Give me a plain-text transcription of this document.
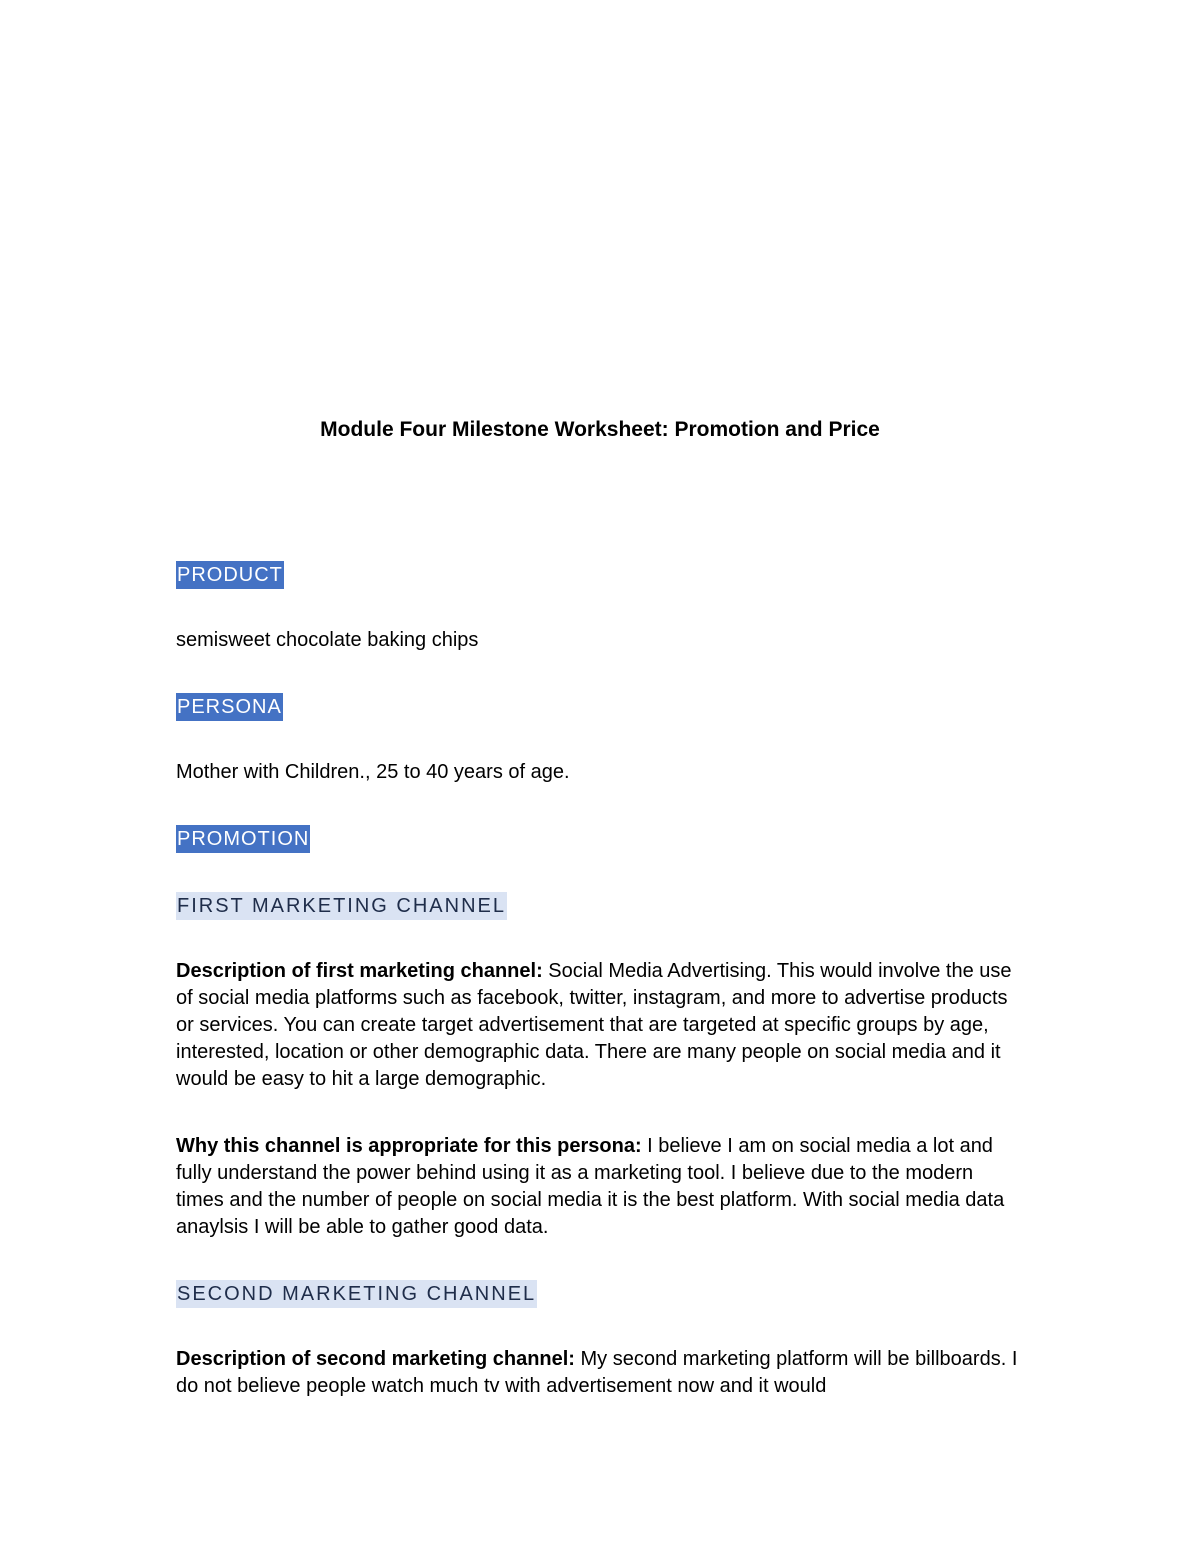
Module Four Milestone Worksheet: Promotion and Price
PRODUCT

semisweet chocolate baking chips

PERSONA

Mother with Children., 25 to 40 years of age.

PROMOTION
FIRST MARKETING CHANNEL

Description of first marketing channel: Social Media Advertising. This would involve the use of social media platforms such as facebook, twitter, instagram, and more to advertise products or services. You can create target advertisement that are targeted at specific groups by age, interested, location or other demographic data. There are many people on social media and it would be easy to hit a large demographic.

Why this channel is appropriate for this persona: I believe I am on social media a lot and fully understand the power behind using it as a marketing tool. I believe due to the modern times and the number of people on social media it is the best platform. With social media data anaylsis I will be able to gather good data.

SECOND MARKETING CHANNEL

Description of second marketing channel: My second marketing platform will be billboards. I do not believe people watch much tv with advertisement now and it would
